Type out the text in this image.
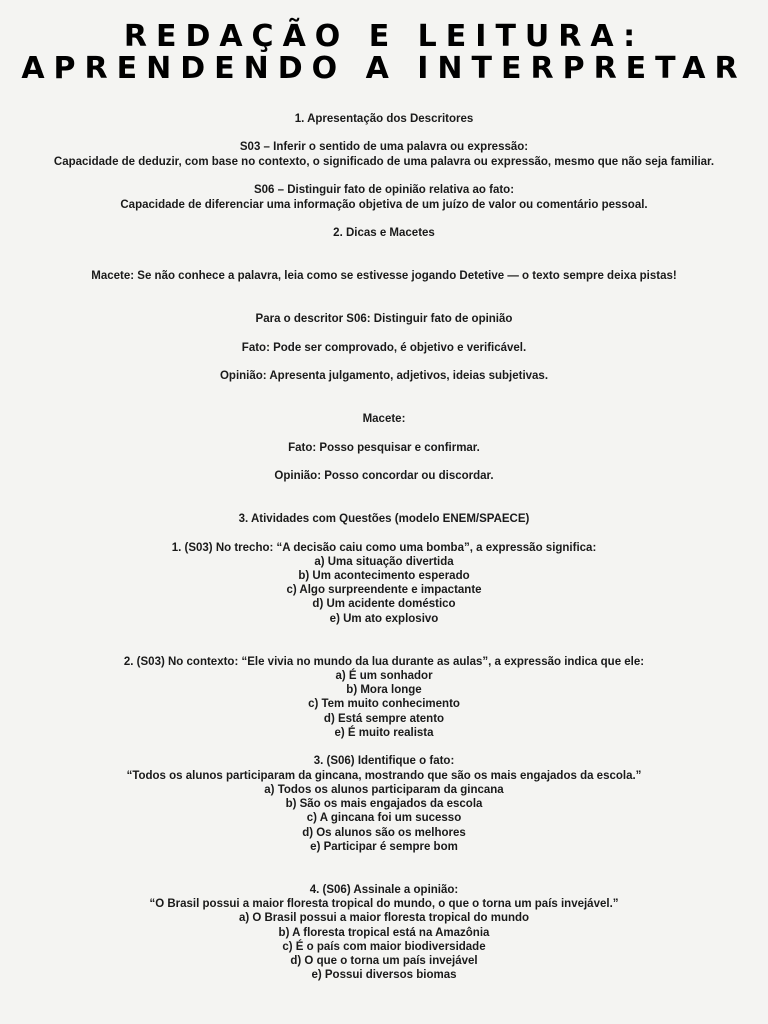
REDAÇÃO E LEITURA:
APRENDENDO A INTERPRETAR
1. Apresentação dos Descritores
S03 – Inferir o sentido de uma palavra ou expressão:
Capacidade de deduzir, com base no contexto, o significado de uma palavra ou expressão, mesmo que não seja familiar.
S06 – Distinguir fato de opinião relativa ao fato:
Capacidade de diferenciar uma informação objetiva de um juízo de valor ou comentário pessoal.
2. Dicas e Macetes
Macete: Se não conhece a palavra, leia como se estivesse jogando Detetive — o texto sempre deixa pistas!
Para o descritor S06: Distinguir fato de opinião
Fato: Pode ser comprovado, é objetivo e verificável.
Opinião: Apresenta julgamento, adjetivos, ideias subjetivas.
Macete:
Fato: Posso pesquisar e confirmar.
Opinião: Posso concordar ou discordar.
3. Atividades com Questões (modelo ENEM/SPAECE)
1. (S03) No trecho: “A decisão caiu como uma bomba”, a expressão significa:
a) Uma situação divertida
b) Um acontecimento esperado
c) Algo surpreendente e impactante
d) Um acidente doméstico
e) Um ato explosivo
2. (S03) No contexto: “Ele vivia no mundo da lua durante as aulas”, a expressão indica que ele:
a) É um sonhador
b) Mora longe
c) Tem muito conhecimento
d) Está sempre atento
e) É muito realista
3. (S06) Identifique o fato:
“Todos os alunos participaram da gincana, mostrando que são os mais engajados da escola.”
a) Todos os alunos participaram da gincana
b) São os mais engajados da escola
c) A gincana foi um sucesso
d) Os alunos são os melhores
e) Participar é sempre bom
4. (S06) Assinale a opinião:
“O Brasil possui a maior floresta tropical do mundo, o que o torna um país invejável.”
a) O Brasil possui a maior floresta tropical do mundo
b) A floresta tropical está na Amazônia
c) É o país com maior biodiversidade
d) O que o torna um país invejável
e) Possui diversos biomas
